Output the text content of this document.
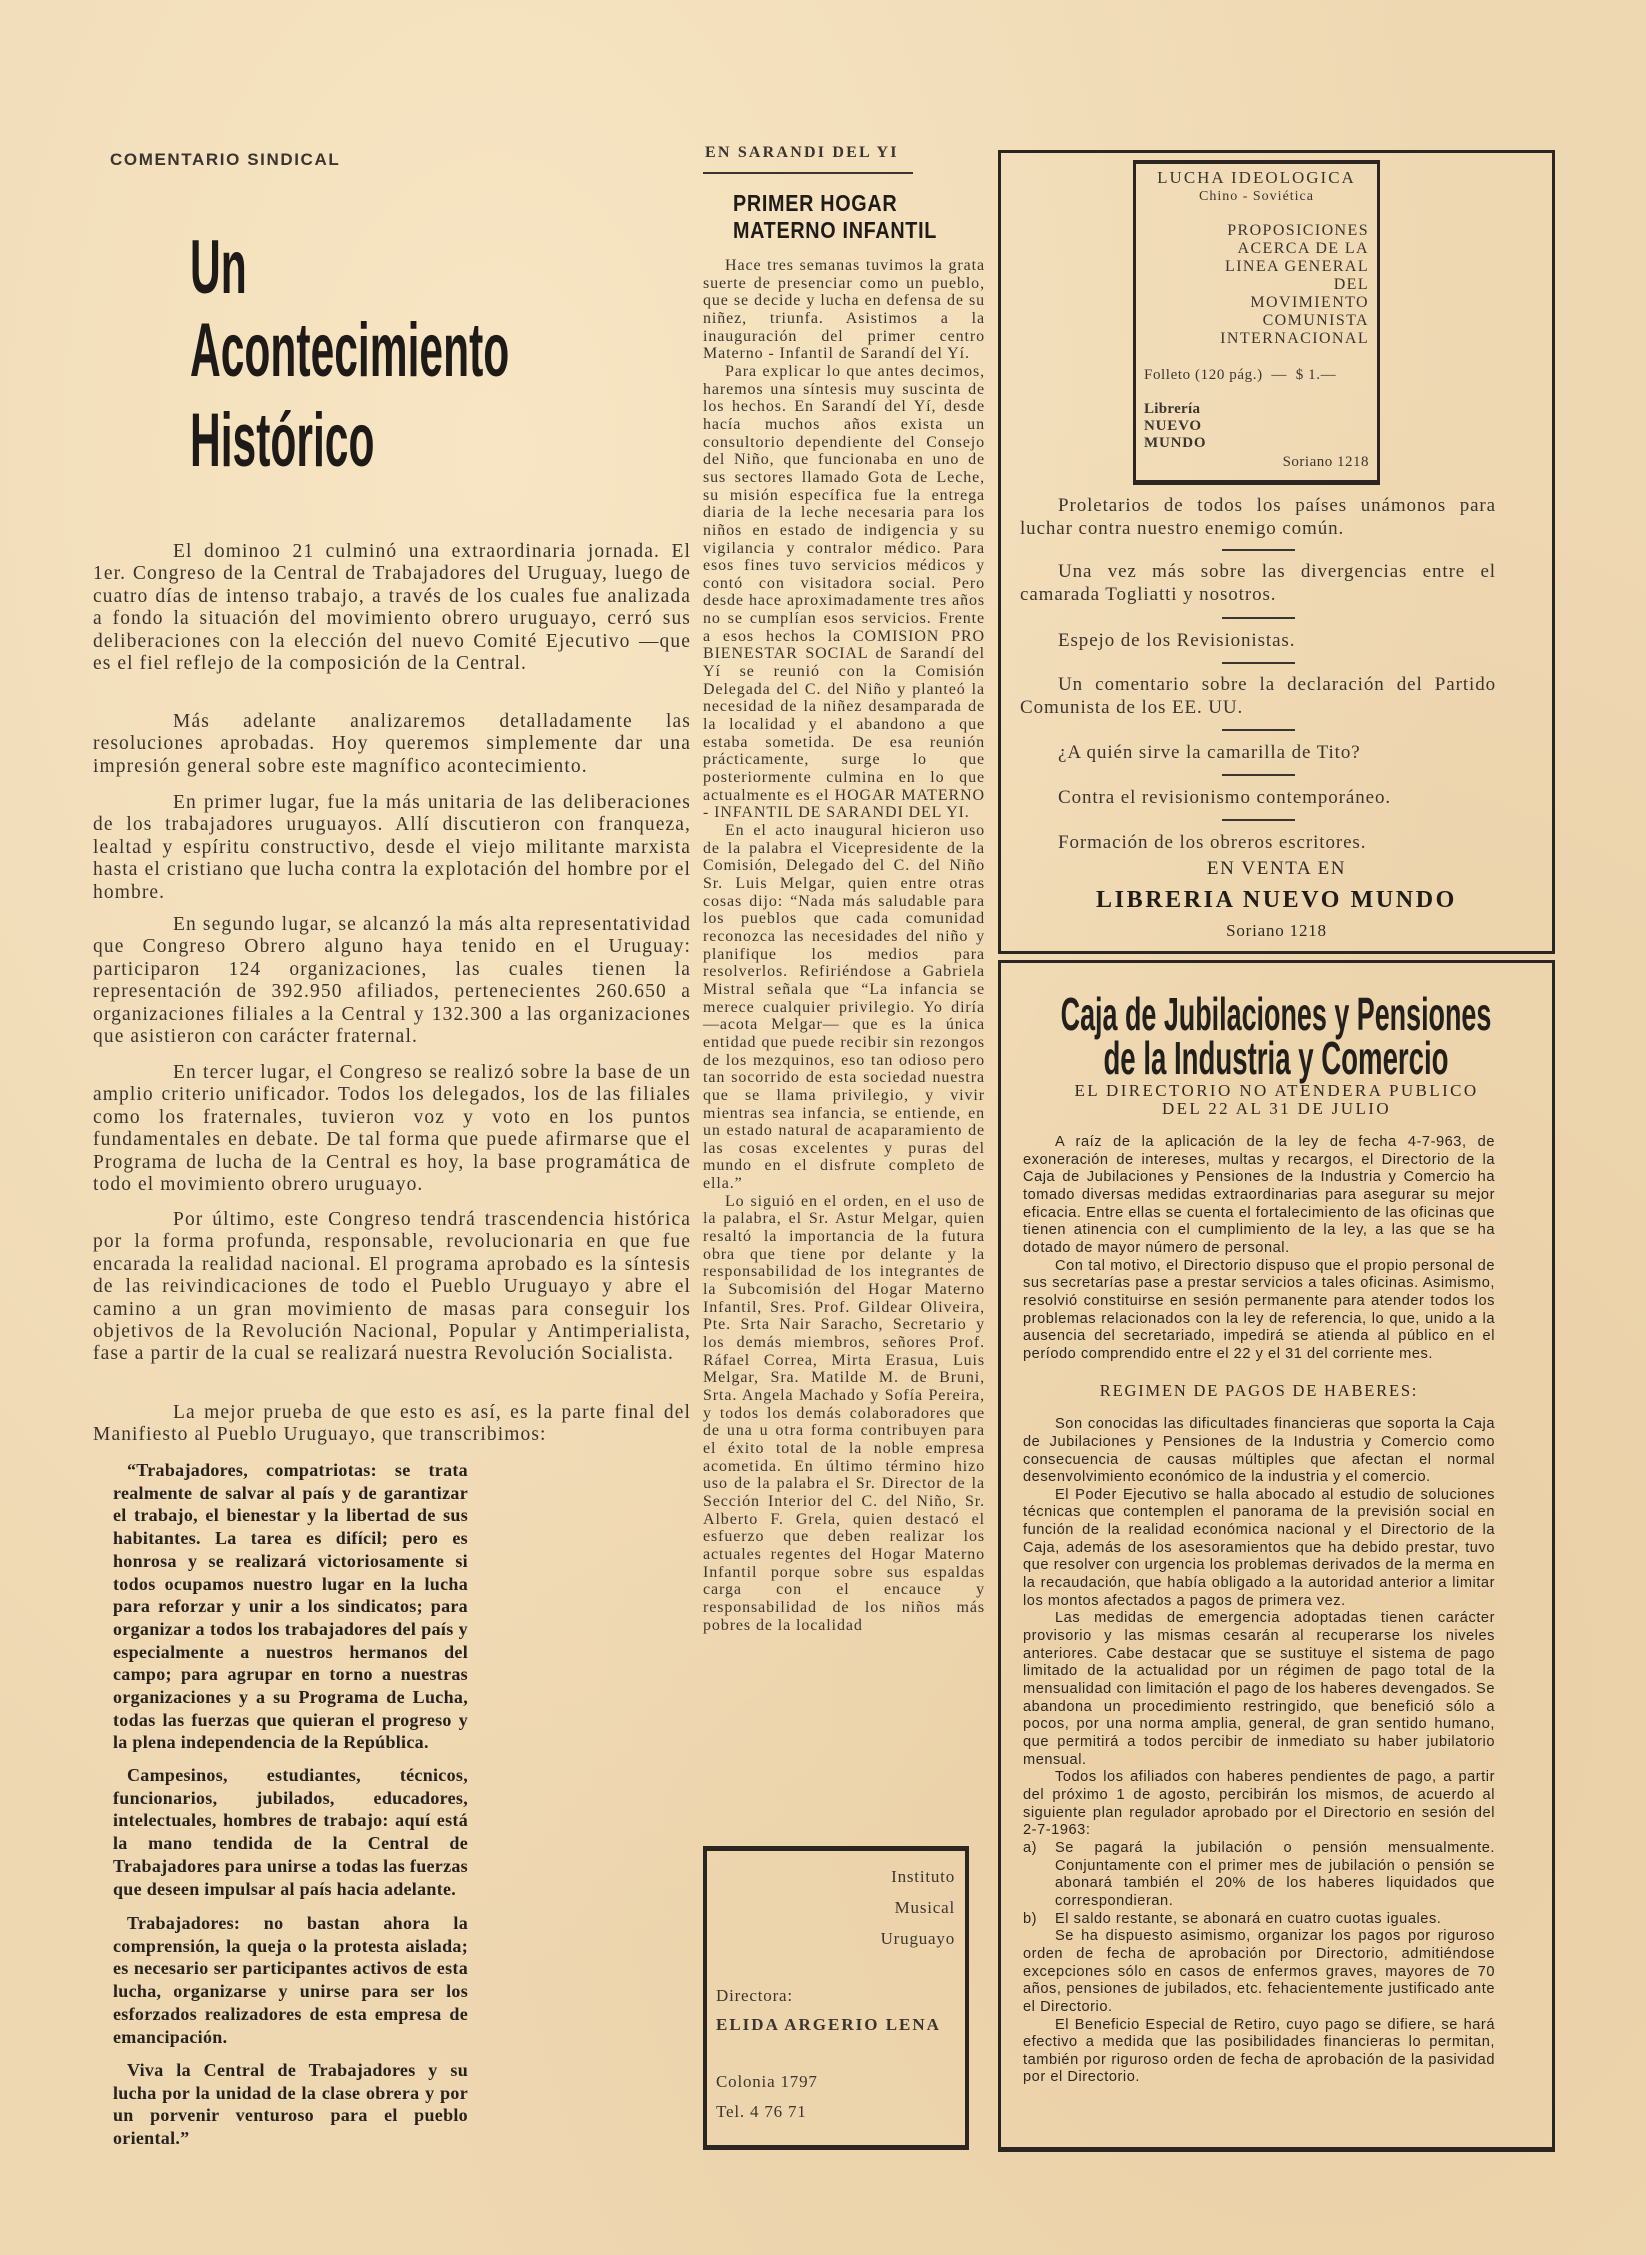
COMENTARIO SINDICAL
Un
Acontecimiento
Histórico

El dominoo 21 culminó una extraordinaria jornada. El 1er. Congreso de la Central de Trabajadores del Uruguay, luego de cuatro días de intenso trabajo, a través de los cuales fue analizada a fondo la situación del movimiento obrero uruguayo, cerró sus deliberaciones con la elección del nuevo Comité Ejecutivo —que es el fiel reflejo de la composición de la Central.

Más adelante analizaremos detalladamente las resoluciones aprobadas. Hoy queremos simplemente dar una impresión general sobre este magnífico acontecimiento.

En primer lugar, fue la más unitaria de las deliberaciones de los trabajadores uruguayos. Allí discutieron con franqueza, lealtad y espíritu constructivo, desde el viejo militante marxista hasta el cristiano que lucha contra la explotación del hombre por el hombre.

En segundo lugar, se alcanzó la más alta representatividad que Congreso Obrero alguno haya tenido en el Uruguay: participaron 124 organizaciones, las cuales tienen la representación de 392.950 afiliados, pertenecientes 260.650 a organizaciones filiales a la Central y 132.300 a las organizaciones que asistieron con carácter fraternal.

En tercer lugar, el Congreso se realizó sobre la base de un amplio criterio unificador. Todos los delegados, los de las filiales como los fraternales, tuvieron voz y voto en los puntos fundamentales en debate. De tal forma que puede afirmarse que el Programa de lucha de la Central es hoy, la base programática de todo el movimiento obrero uruguayo.

Por último, este Congreso tendrá trascendencia histórica por la forma profunda, responsable, revolucionaria en que fue encarada la realidad nacional. El programa aprobado es la síntesis de las reivindicaciones de todo el Pueblo Uruguayo y abre el camino a un gran movimiento de masas para conseguir los objetivos de la Revolución Nacional, Popular y Antimperialista, fase a partir de la cual se realizará nuestra Revolución Socialista.

La mejor prueba de que esto es así, es la parte final del Manifiesto al Pueblo Uruguayo, que transcribimos:

“Trabajadores, compatriotas: se trata realmente de salvar al país y de garantizar el trabajo, el bienestar y la libertad de sus habitantes. La tarea es difícil; pero es honrosa y se realizará victoriosamente si todos ocupamos nuestro lugar en la lucha para reforzar y unir a los sindicatos; para organizar a todos los trabajadores del país y especialmente a nuestros hermanos del campo; para agrupar en torno a nuestras organizaciones y a su Programa de Lucha, todas las fuerzas que quieran el progreso y la plena independencia de la República.

Campesinos, estudiantes, técnicos, funcionarios, jubilados, educadores, intelectuales, hombres de trabajo: aquí está la mano tendida de la Central de Trabajadores para unirse a todas las fuerzas que deseen impulsar al país hacia adelante.

Trabajadores: no bastan ahora la comprensión, la queja o la protesta aislada; es necesario ser participantes activos de esta lucha, organizarse y unirse para ser los esforzados realizadores de esta empresa de emancipación.

Viva la Central de Trabajadores y su lucha por la unidad de la clase obrera y por un porvenir venturoso para el pueblo oriental.”

EN SARANDI DEL YI
PRIMER HOGAR
MATERNO INFANTIL

Hace tres semanas tuvimos la grata suerte de presenciar como un pueblo, que se decide y lucha en defensa de su niñez, triunfa. Asistimos a la inauguración del primer centro Materno - Infantil de Sarandí del Yí.

Para explicar lo que antes decimos, haremos una síntesis muy suscinta de los hechos. En Sarandí del Yí, desde hacía muchos años exista un consultorio dependiente del Consejo del Niño, que funcionaba en uno de sus sectores llamado Gota de Leche, su misión específica fue la entrega diaria de la leche necesaria para los niños en estado de indigencia y su vigilancia y contralor médico. Para esos fines tuvo servicios médicos y contó con visitadora social. Pero desde hace aproximadamente tres años no se cumplían esos servicios. Frente a esos hechos la COMISION PRO BIENESTAR SOCIAL de Sarandí del Yí se reunió con la Comisión Delegada del C. del Niño y planteó la necesidad de la niñez desamparada de la localidad y el abandono a que estaba sometida. De esa reunión prácticamente, surge lo que posteriormente culmina en lo que actualmente es el HOGAR MATERNO - INFANTIL DE SARANDI DEL YI.

En el acto inaugural hicieron uso de la palabra el Vicepresidente de la Comisión, Delegado del C. del Niño Sr. Luis Melgar, quien entre otras cosas dijo: “Nada más saludable para los pueblos que cada comunidad reconozca las necesidades del niño y planifique los medios para resolverlos. Refiriéndose a Gabriela Mistral señala que “La infancia se merece cualquier privilegio. Yo diría —acota Melgar— que es la única entidad que puede recibir sin rezongos de los mezquinos, eso tan odioso pero tan socorrido de esta sociedad nuestra que se llama privilegio, y vivir mientras sea infancia, se entiende, en un estado natural de acaparamiento de las cosas excelentes y puras del mundo en el disfrute completo de ella.”

Lo siguió en el orden, en el uso de la palabra, el Sr. Astur Melgar, quien resaltó la importancia de la futura obra que tiene por delante y la responsabilidad de los integrantes de la Subcomisión del Hogar Materno Infantil, Sres. Prof. Gildear Oliveira, Pte. Srta Nair Saracho, Secretario y los demás miembros, señores Prof. Ráfael Correa, Mirta Erasua, Luis Melgar, Sra. Matilde M. de Bruni, Srta. Angela Machado y Sofía Pereira, y todos los demás colaboradores que de una u otra forma contribuyen para el éxito total de la noble empresa acometida. En último término hizo uso de la palabra el Sr. Director de la Sección Interior del C. del Niño, Sr. Alberto F. Grela, quien destacó el esfuerzo que deben realizar los actuales regentes del Hogar Materno Infantil porque sobre sus espaldas carga con el encauce y responsabilidad de los niños más pobres de la localidad

Instituto
Musical
Uruguayo
Directora:
ELIDA ARGERIO LENA
Colonia 1797
Tel. 4 76 71
LUCHA IDEOLOGICA
Chino - Soviética
PROPOSICIONES
ACERCA DE LA
LINEA GENERAL
DEL
MOVIMIENTO
COMUNISTA
INTERNACIONAL
Folleto (120 pág.)  —  $ 1.—
Librería
NUEVO
MUNDO
Soriano 1218

Proletarios de todos los países unámonos para luchar contra nuestro enemigo común.

Una vez más sobre las divergencias entre el camarada Togliatti y nosotros.

Espejo de los Revisionistas.

Un comentario sobre la declaración del Partido Comunista de los EE. UU.

¿A quién sirve la camarilla de Tito?

Contra el revisionismo contemporáneo.

Formación de los obreros escritores.

EN VENTA EN
LIBRERIA NUEVO MUNDO
Soriano 1218
Caja de Jubilaciones y Pensiones
de la Industria y Comercio
EL DIRECTORIO NO ATENDERA PUBLICO
DEL 22 AL 31 DE JULIO

A raíz de la aplicación de la ley de fecha 4-7-963, de exoneración de intereses, multas y recargos, el Directorio de la Caja de Jubilaciones y Pensiones de la Industria y Comercio ha tomado diversas medidas extraordinarias para asegurar su mejor eficacia. Entre ellas se cuenta el fortalecimiento de las oficinas que tienen atinencia con el cumplimiento de la ley, a las que se ha dotado de mayor número de personal.

Con tal motivo, el Directorio dispuso que el propio personal de sus secretarías pase a prestar servicios a tales oficinas. Asimismo, resolvió constituirse en sesión permanente para atender todos los problemas relacionados con la ley de referencia, lo que, unido a la ausencia del secretariado, impedirá se atienda al público en el período comprendido entre el 22 y el 31 del corriente mes.

REGIMEN DE PAGOS DE HABERES:

Son conocidas las dificultades financieras que soporta la Caja de Jubilaciones y Pensiones de la Industria y Comercio como consecuencia de causas múltiples que afectan el normal desenvolvimiento económico de la industria y el comercio.

El Poder Ejecutivo se halla abocado al estudio de soluciones técnicas que contemplen el panorama de la previsión social en función de la realidad económica nacional y el Directorio de la Caja, además de los asesoramientos que ha debido prestar, tuvo que resolver con urgencia los problemas derivados de la merma en la recaudación, que había obligado a la autoridad anterior a limitar los montos afectados a pagos de primera vez.

Las medidas de emergencia adoptadas tienen carácter provisorio y las mismas cesarán al recuperarse los niveles anteriores. Cabe destacar que se sustituye el sistema de pago limitado de la actualidad por un régimen de pago total de la mensualidad con limitación el pago de los haberes devengados. Se abandona un procedimiento restringido, que benefició sólo a pocos, por una norma amplia, general, de gran sentido humano, que permitirá a todos percibir de inmediato su haber jubilatorio mensual.

Todos los afiliados con haberes pendientes de pago, a partir del próximo 1 de agosto, percibirán los mismos, de acuerdo al siguiente plan regulador aprobado por el Directorio en sesión del 2-7-1963:

a)	Se pagará la jubilación o pensión mensualmente. Conjuntamente con el primer mes de jubilación o pensión se abonará también el 20% de los haberes liquidados que correspondieran.

b)	El saldo restante, se abonará en cuatro cuotas iguales.

Se ha dispuesto asimismo, organizar los pagos por riguroso orden de fecha de aprobación por Directorio, admitiéndose excepciones sólo en casos de enfermos graves, mayores de 70 años, pensiones de jubilados, etc. fehacientemente justificado ante el Directorio.

El Beneficio Especial de Retiro, cuyo pago se difiere, se hará efectivo a medida que las posibilidades financieras lo permitan, también por riguroso orden de fecha de aprobación de la pasividad por el Directorio.
